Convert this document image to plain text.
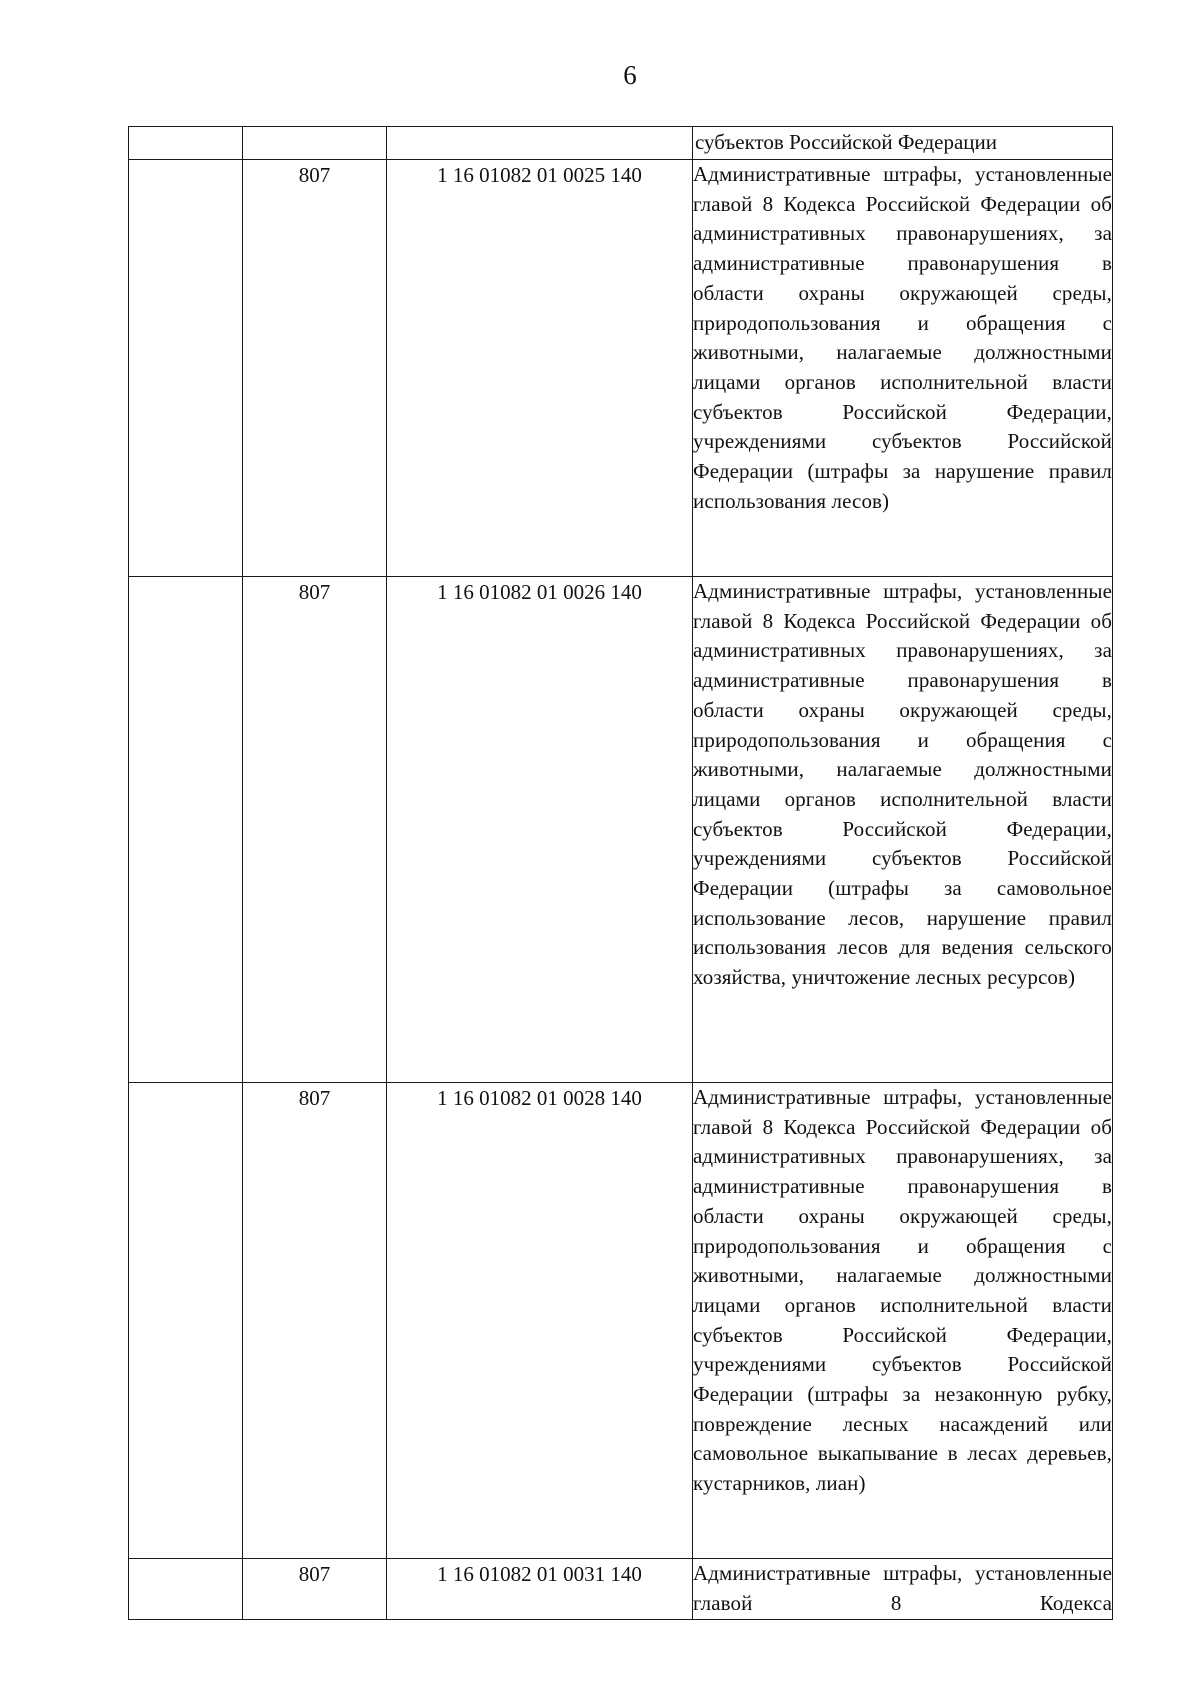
6

			субъектов Российской Федерации

	807	1 16 01082 01 0025 140	Административные штрафы, установленные главой 8 Кодекса Российской Федерации об административных правонарушениях, за административные правонарушения в области охраны окружающей среды, природопользования и обращения с животными, налагаемые должностными лицами органов исполнительной власти субъектов Российской Федерации, учреждениями субъектов Российской Федерации (штрафы за нарушение правил использования лесов)

	807	1 16 01082 01 0026 140	Административные штрафы, установленные главой 8 Кодекса Российской Федерации об административных правонарушениях, за административные правонарушения в области охраны окружающей среды, природопользования и обращения с животными, налагаемые должностными лицами органов исполнительной власти субъектов Российской Федерации, учреждениями субъектов Российской Федерации (штрафы за самовольное использование лесов, нарушение правил использования лесов для ведения сельского хозяйства, уничтожение лесных ресурсов)

	807	1 16 01082 01 0028 140	Административные штрафы, установленные главой 8 Кодекса Российской Федерации об административных правонарушениях, за административные правонарушения в области охраны окружающей среды, природопользования и обращения с животными, налагаемые должностными лицами органов исполнительной власти субъектов Российской Федерации, учреждениями субъектов Российской Федерации (штрафы за незаконную рубку, повреждение лесных насаждений или самовольное выкапывание в лесах деревьев, кустарников, лиан)

	807	1 16 01082 01 0031 140	Административные штрафы, установленные главой 8 Кодекса
